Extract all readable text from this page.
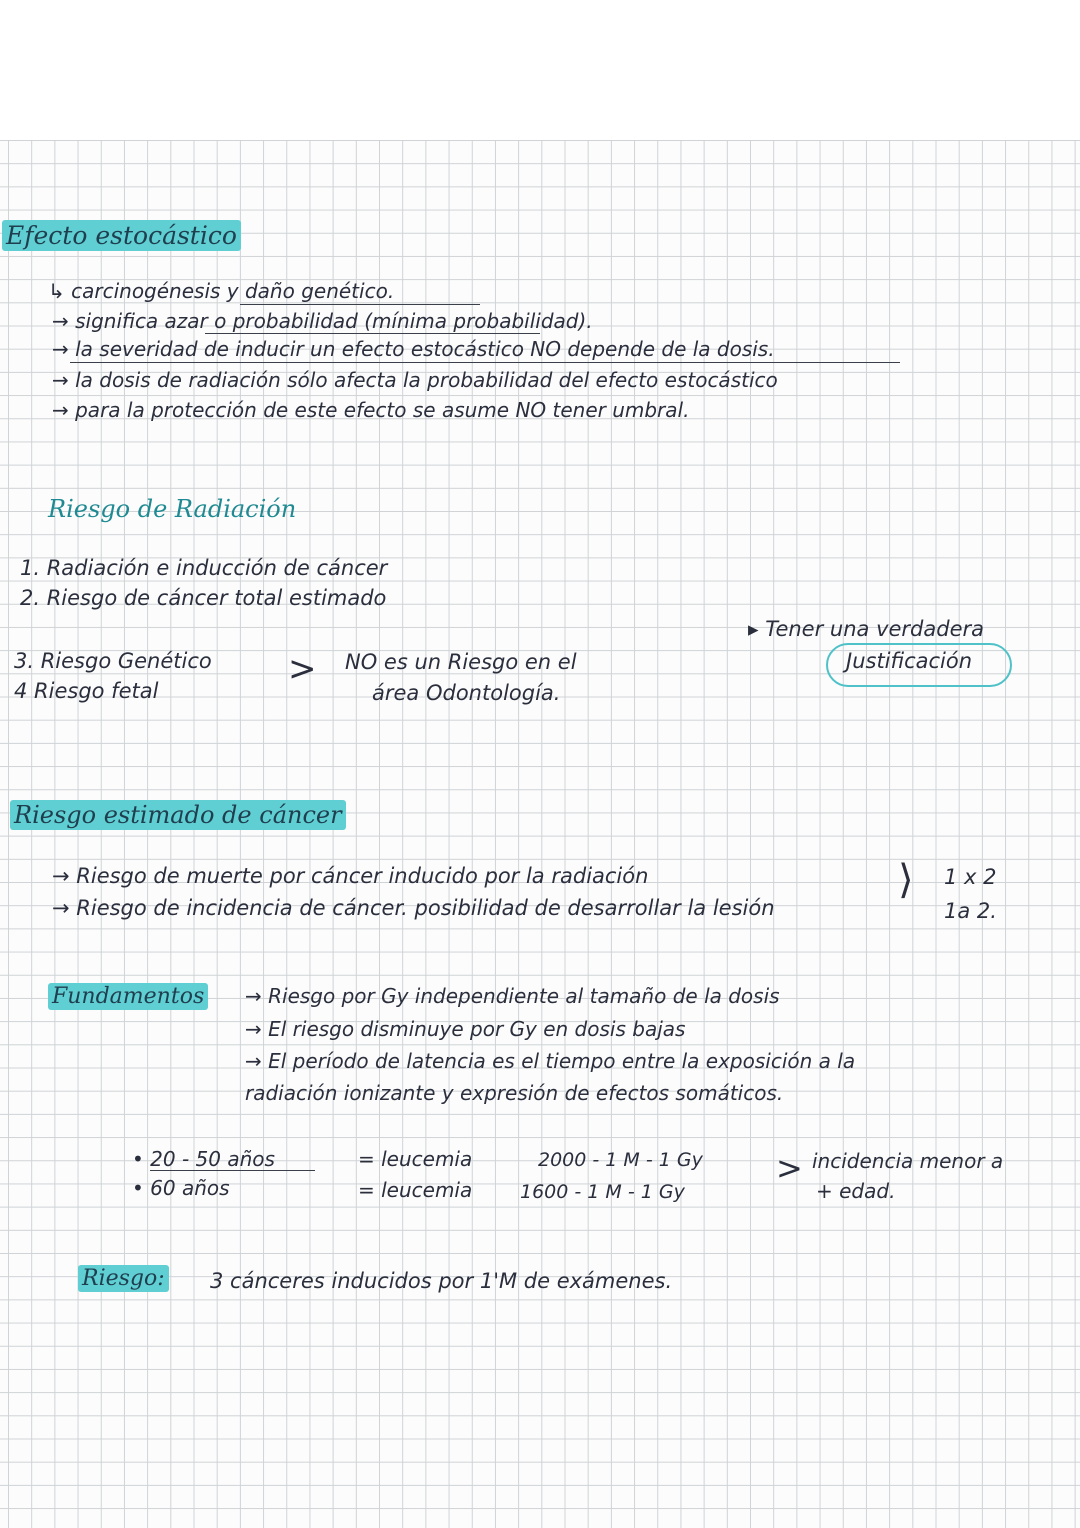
Efecto estocástico
↳ carcinogénesis y daño genético.
→ significa azar o probabilidad (mínima probabilidad).
→ la severidad de inducir un efecto estocástico NO depende de la dosis.
→ la dosis de radiación sólo afecta la probabilidad del efecto estocástico
→ para la protección de este efecto se asume NO tener umbral.
Riesgo de Radiación
1. Radiación e inducción de cáncer
2. Riesgo de cáncer total estimado
3. Riesgo Genético
4 Riesgo fetal
> NO es un Riesgo en el
área Odontología.
▸ Tener una verdadera
Justificación
Riesgo estimado de cáncer
→ Riesgo de muerte por cáncer inducido por la radiación
→ Riesgo de incidencia de cáncer. posibilidad de desarrollar la lesión
⟩ 1 x 2
1a 2.
Fundamentos → Riesgo por Gy independiente al tamaño de la dosis
→ El riesgo disminuye por Gy en dosis bajas
→ El período de latencia es el tiempo entre la exposición a la
radiación ionizante y expresión de efectos somáticos.
• 20 - 50 años
• 60 años
= leucemia
= leucemia
2000 - 1 M - 1 Gy
1600 - 1 M - 1 Gy
> incidencia menor a
+ edad.
Riesgo: 3 cánceres inducidos por 1'M de exámenes.
